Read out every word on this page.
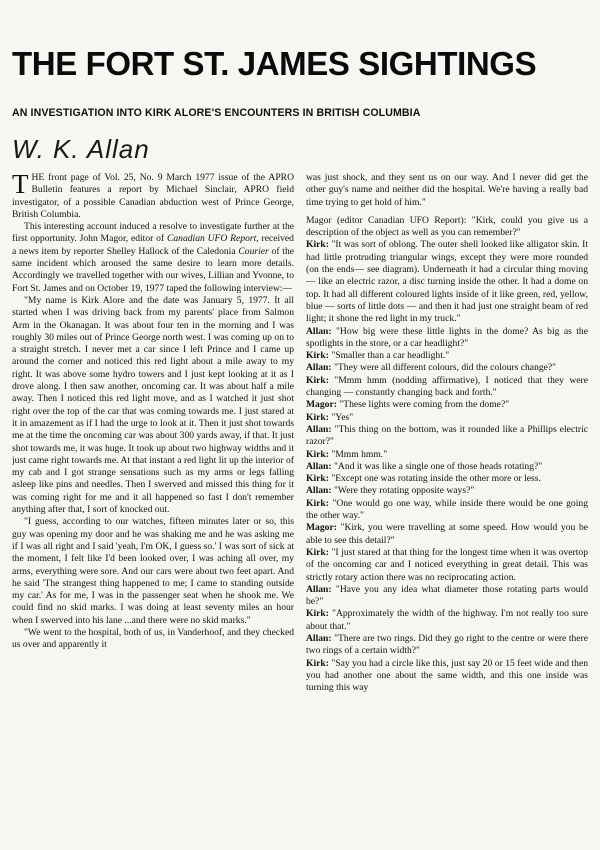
THE FORT ST. JAMES SIGHTINGS
AN INVESTIGATION INTO KIRK ALORE'S ENCOUNTERS IN BRITISH COLUMBIA
W. K. Allan

THE front page of Vol. 25, No. 9 March 1977 issue of the APRO Bulletin features a report by Michael Sinclair, APRO field investigator, of a possible Canadian abduction west of Prince George, British Columbia.

This interesting account induced a resolve to investigate further at the first opportunity. John Magor, editor of Canadian UFO Report, received a news item by reporter Shelley Hallock of the Caledonia Courier of the same incident which aroused the same desire to learn more details. Accordingly we travelled together with our wives, Lillian and Yvonne, to Fort St. James and on October 19, 1977 taped the following interview:—

"My name is Kirk Alore and the date was January 5, 1977. It all started when I was driving back from my parents' place from Salmon Arm in the Okanagan. It was about four ten in the morning and I was roughly 30 miles out of Prince George north west. I was coming up on to a straight stretch. I never met a car since I left Prince and I came up around the corner and noticed this red light about a mile away to my right. It was above some hydro towers and I just kept looking at it as I drove along. I then saw another, oncoming car. It was about half a mile away. Then I noticed this red light move, and as I watched it just shot right over the top of the car that was coming towards me. I just stared at it in amazement as if I had the urge to look at it. Then it just shot towards me at the time the oncoming car was about 300 yards away, if that. It just shot towards me, it was huge. It took up about two highway widths and it just came right towards me. At that instant a red light lit up the interior of my cab and I got strange sensations such as my arms or legs falling asleep like pins and needles. Then I swerved and missed this thing for it was coming right for me and it all happened so fast I don't remember anything after that, I sort of knocked out.

"I guess, according to our watches, fifteen minutes later or so, this guy was opening my door and he was shaking me and he was asking me if I was all right and I said 'yeah, I'm OK, I guess so.' I was sort of sick at the moment, I felt like I'd been looked over, I was aching all over, my arms, everything were sore. And our cars were about two feet apart. And he said 'The strangest thing happened to me; I came to standing outside my car.' As for me, I was in the passenger seat when he shook me. We could find no skid marks. I was doing at least seventy miles an hour when I swerved into his lane ...and there were no skid marks."

"We went to the hospital, both of us, in Vanderhoof, and they checked us over and apparently it

was just shock, and they sent us on our way. And I never did get the other guy's name and neither did the hospital. We're having a really bad time trying to get hold of him."

Magor (editor Canadian UFO Report): "Kirk, could you give us a description of the object as well as you can remember?"

Kirk: "It was sort of oblong. The outer shell looked like alligator skin. It had little protruding triangular wings, except they were more rounded (on the ends— see diagram). Underneath it had a circular thing moving — like an electric razor, a disc turning inside the other. It had a dome on top. It had all different coloured lights inside of it like green, red, yellow, blue — sorts of little dots — and then it had just one straight beam of red light; it shone the red light in my truck."

Allan: "How big were these little lights in the dome? As big as the spotlights in the store, or a car headlight?"

Kirk: "Smaller than a car headlight."

Allan: "They were all different colours, did the colours change?"

Kirk: "Mmm hmm (nodding affirmative), I noticed that they were changing — constantly changing back and forth."

Magor: "These lights were coming from the dome?"

Kirk: "Yes"

Allan: "This thing on the bottom, was it rounded like a Phillips electric razor?"

Kirk: "Mmm hmm."

Allan: "And it was like a single one of those heads rotating?"

Kirk: "Except one was rotating inside the other more or less.

Allan: "Were they rotating opposite ways?"

Kirk: "One would go one way, while inside there would be one going the other way."

Magor: "Kirk, you were travelling at some speed. How would you be able to see this detail?"

Kirk: "I just stared at that thing for the longest time when it was overtop of the oncoming car and I noticed everything in great detail. This was strictly rotary action there was no reciprocating action.

Allan: "Have you any idea what diameter those rotating parts would be?"

Kirk: "Approximately the width of the highway. I'm not really too sure about that."

Allan: "There are two rings. Did they go right to the centre or were there two rings of a certain width?"

Kirk: "Say you had a circle like this, just say 20 or 15 feet wide and then you had another one about the same width, and this one inside was turning this way
